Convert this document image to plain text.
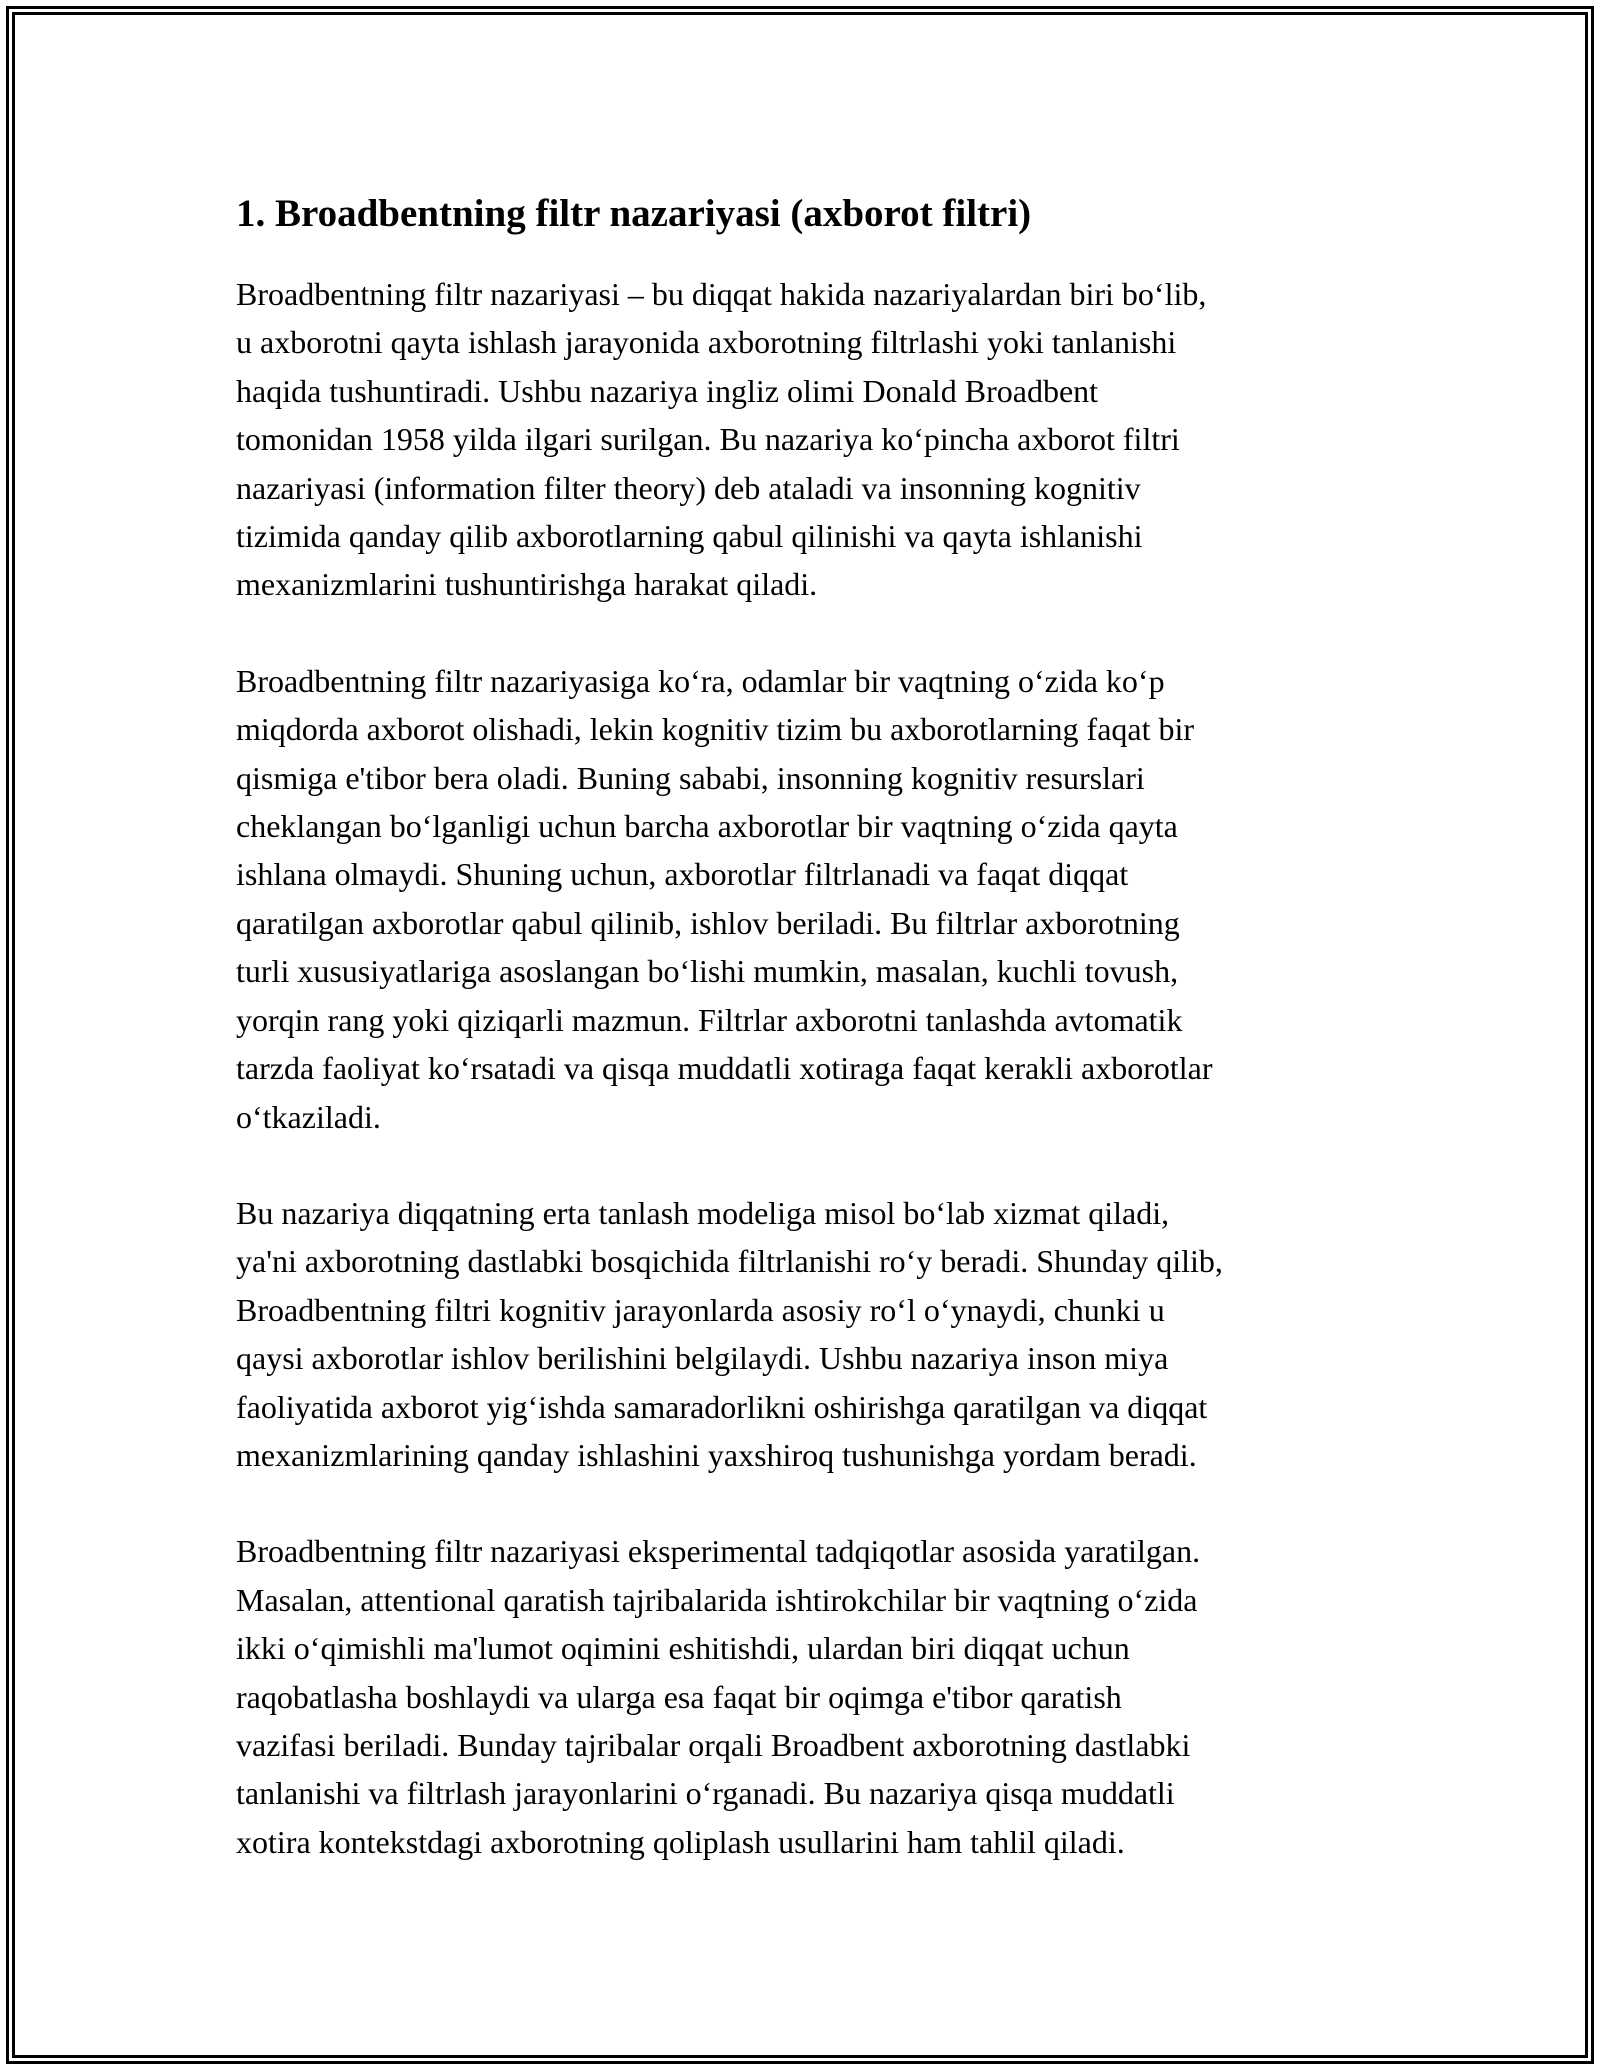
1. Broadbentning filtr nazariyasi (axborot filtri)

Broadbentning filtr nazariyasi – bu diqqat hakida nazariyalardan biri bo‘lib,
u axborotni qayta ishlash jarayonida axborotning filtrlashi yoki tanlanishi
haqida tushuntiradi. Ushbu nazariya ingliz olimi Donald Broadbent
tomonidan 1958 yilda ilgari surilgan. Bu nazariya ko‘pincha axborot filtri
nazariyasi (information filter theory) deb ataladi va insonning kognitiv
tizimida qanday qilib axborotlarning qabul qilinishi va qayta ishlanishi
mexanizmlarini tushuntirishga harakat qiladi.

Broadbentning filtr nazariyasiga ko‘ra, odamlar bir vaqtning o‘zida ko‘p
miqdorda axborot olishadi, lekin kognitiv tizim bu axborotlarning faqat bir
qismiga e'tibor bera oladi. Buning sababi, insonning kognitiv resurslari
cheklangan bo‘lganligi uchun barcha axborotlar bir vaqtning o‘zida qayta
ishlana olmaydi. Shuning uchun, axborotlar filtrlanadi va faqat diqqat
qaratilgan axborotlar qabul qilinib, ishlov beriladi. Bu filtrlar axborotning
turli xususiyatlariga asoslangan bo‘lishi mumkin, masalan, kuchli tovush,
yorqin rang yoki qiziqarli mazmun. Filtrlar axborotni tanlashda avtomatik
tarzda faoliyat ko‘rsatadi va qisqa muddatli xotiraga faqat kerakli axborotlar
o‘tkaziladi.

Bu nazariya diqqatning erta tanlash modeliga misol bo‘lab xizmat qiladi,
ya'ni axborotning dastlabki bosqichida filtrlanishi ro‘y beradi. Shunday qilib,
Broadbentning filtri kognitiv jarayonlarda asosiy ro‘l o‘ynaydi, chunki u
qaysi axborotlar ishlov berilishini belgilaydi. Ushbu nazariya inson miya
faoliyatida axborot yig‘ishda samaradorlikni oshirishga qaratilgan va diqqat
mexanizmlarining qanday ishlashini yaxshiroq tushunishga yordam beradi.

Broadbentning filtr nazariyasi eksperimental tadqiqotlar asosida yaratilgan.
Masalan, attentional qaratish tajribalarida ishtirokchilar bir vaqtning o‘zida
ikki o‘qimishli ma'lumot oqimini eshitishdi, ulardan biri diqqat uchun
raqobatlasha boshlaydi va ularga esa faqat bir oqimga e'tibor qaratish
vazifasi beriladi. Bunday tajribalar orqali Broadbent axborotning dastlabki
tanlanishi va filtrlash jarayonlarini o‘rganadi. Bu nazariya qisqa muddatli
xotira kontekstdagi axborotning qoliplash usullarini ham tahlil qiladi.
